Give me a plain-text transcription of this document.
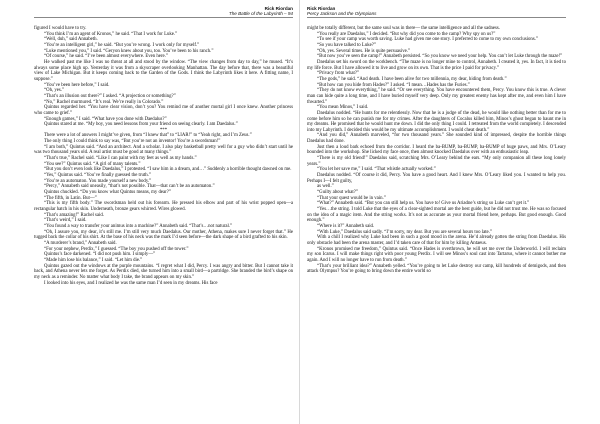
Rick Riordan
The Battle of the Labyrinth – 94

figured I would have to try.

“You think I’m an agent of Kronos,” he said. “That I work for Luke.”

“Well, duh,” said Annabeth.

“You’re an intelligent girl,” he said. “But you’re wrong. I work only for myself.”

“Luke mentioned you,” I said. “Geryon knew about you, too. You’ve been to his ranch.”

“Of course,” he said. “I’ve been almost everywhere. Even here.”

He walked past me like I was no threat at all and stood by the window. “The view changes from day to day,” he mused. “It’s always some place high up. Yesterday it was from a skyscraper overlooking Manhattan. The day before that, there was a beautiful view of Lake Michigan. But it keeps coming back to the Garden of the Gods. I think the Labyrinth likes it here. A fitting name, I suppose.”

“You’ve been here before,” I said.

“Oh, yes.”

“That’s an illusion out there?” I asked. “A projection or something?”

“No,” Rachel murmured. “It’s real. We’re really in Colorado.”

Quintus regarded her. “You have clear vision, don’t you? You remind me of another mortal girl I once knew. Another princess who came to grief.”

“Enough games,” I said. “What have you done with Daedalus?”

Quintus stared at me. “My boy, you need lessons from your friend on seeing clearly. I am Daedalus.”

***

There were a lot of answers I might’ve given, from “I knew that” to “LIAR!” to “Yeah right, and I’m Zeus.”

The only thing I could think to say was, “But you’re not an inventor! You’re a swordsman!”

“I am both,” Quintus said. “And an architect. And a scholar. I also play basketball pretty well for a guy who didn’t start until he was two thousand years old. A real artist must be good at many things.”

“That’s true,” Rachel said. “Like I can paint with my feet as well as my hands.”

“You see?” Quintus said. “A girl of many talents.”

“But you don’t even look like Daedalus,” I protested. “I saw him in a dream, and…” Suddenly a horrible thought dawned on me.

“Yes,” Quintus said. “You’ve finally guessed the truth.”

“You’re an automaton. You made yourself a new body.”

“Percy,” Annabeth said uneasily, “that’s not possible. That—that can’t be an automaton.”

Quintus chuckled. “Do you know what Quintus means, my dear?”

“The fifth, in Latin. But—”

“This is my fifth body.” The swordsman held out his forearm. He pressed his elbow and part of his wrist popped open—a rectangular hatch in his skin. Underneath, bronze gears whirred. Wires glowed.

“That’s amazing!” Rachel said.

“That’s weird,” I said.

“You found a way to transfer your animus into a machine?” Annabeth said. “That’s…not natural.”

“Oh, I assure you, my dear, it’s still me. I’m still very much Daedalus. Our mother, Athena, makes sure I never forget that.” He tugged back the collar of his shirt. At the base of his neck was the mark I’d seen before—the dark shape of a bird grafted to his skin.

“A murderer’s brand,” Annabeth said.

“For your nephew, Perdix,” I guessed. “The boy you pushed off the tower.”

Quintus’s face darkened. “I did not push him. I simply—”

“Made him lose his balance,” I said. “Let him die.”

Quintus gazed out the windows at the purple mountains. “I regret what I did, Percy. I was angry and bitter. But I cannot take it back, and Athena never lets me forget. As Perdix died, she turned him into a small bird—a partridge. She branded the bird’s shape on my neck as a reminder. No matter what body I take, the brand appears on my skin.”

I looked into his eyes, and I realized he was the same man I’d seen in my dreams. His face

Rick Riordan
Percy Jackson and the Olympians

might be totally different, but the same soul was in there— the same intelligence and all the sadness.

“You really are Daedalus,” I decided. “But why did you come to the camp? Why spy on us?”

“To see if your camp was worth saving. Luke had given me one story. I preferred to come to my own conclusions.”

“So you have talked to Luke?”

“Oh, yes. Several times. He is quite persuasive.”

“But now you’ve seen the camp!” Annabeth persisted. “So you know we need your help. You can’t let Luke through the maze!”

Daedalus set his sword on the workbench. “The maze is no longer mine to control, Annabeth. I created it, yes. In fact, it is tied to my life force. But I have allowed it to live and grow on its own. That is the price I paid for privacy.”

“Privacy from what?”

“The gods,” he said. “And death. I have been alive for two millennia, my dear, hiding from death.”

“But how can you hide from Hades?” I asked. “I mean…Hades has the Furies.”

“They do not know everything,” he said. “Or see everything. You have encountered them, Percy. You know this is true. A clever man can hide quite a long time, and I have buried myself very deep. Only my greatest enemy has kept after me, and even him I have thwarted.”

“You mean Minos,” I said.

Daedalus nodded. “He hunts for me relentlessly. Now that he is a judge of the dead, he would like nothing better than for me to come before him so he can punish me for my crimes. After the daughters of Cocalus killed him, Minos’s ghost began to haunt me in my dreams. He promised that he would hunt me down. I did the only thing I could. I retreated from the world completely. I descended into my Labyrinth. I decided this would be my ultimate accomplishment. I would cheat death.”

“And you did,” Annabeth marveled, “for two thousand years.” She sounded kind of impressed, despite the horrible things Daedalus had done.

Just then a loud bark echoed from the corridor. I heard the ba-BUMP, ba-BUMP, ba-BUMP of huge paws, and Mrs. O’Leary bounded into the workshop. She licked my face once, then almost knocked Daedalus over with an enthusiastic leap.

“There is my old friend!” Daedalus said, scratching Mrs. O’Leary behind the ears. “My only companion all these long lonely years.”

“You let her save me,” I said. “That whistle actually worked.”

Daedalus nodded. “Of course it did, Percy. You have a good heart. And I knew Mrs. O’Leary liked you. I wanted to help you. Perhaps I—I felt guilty,

as well.”

“Guilty about what?”

“That your quest would be in vain.”

“What?” Annabeth said. “But you can still help us. You have to! Give us Ariadne’s string so Luke can’t get it.”

“Yes…the string. I told Luke that the eyes of a clear-sighted mortal are the best guide, but he did not trust me. He was so focused on the idea of a magic item. And the string works. It’s not as accurate as your mortal friend here, perhaps. But good enough. Good enough.”

“Where is it?” Annabeth said.

“With Luke,” Daedalus said sadly. “I’m sorry, my dear. But you are several hours too late.”

With a chill I realized why Luke had been in such a good mood in the arena. He’d already gotten the string from Daedalus. His only obstacle had been the arena master, and I’d taken care of that for him by killing Antaeus.

“Kronos promised me freedom,” Quintus said. “Once Hades is overthrown, he will set me over the Underworld. I will reclaim my son Icarus. I will make things right with poor young Perdix. I will see Minos’s soul cast into Tartarus, where it cannot bother me again. And I will no longer have to run from death.”

“That’s your brilliant idea?” Annabeth yelled. “You’re going to let Luke destroy our camp, kill hundreds of demigods, and then attack Olympus? You’re going to bring down the entire world so
